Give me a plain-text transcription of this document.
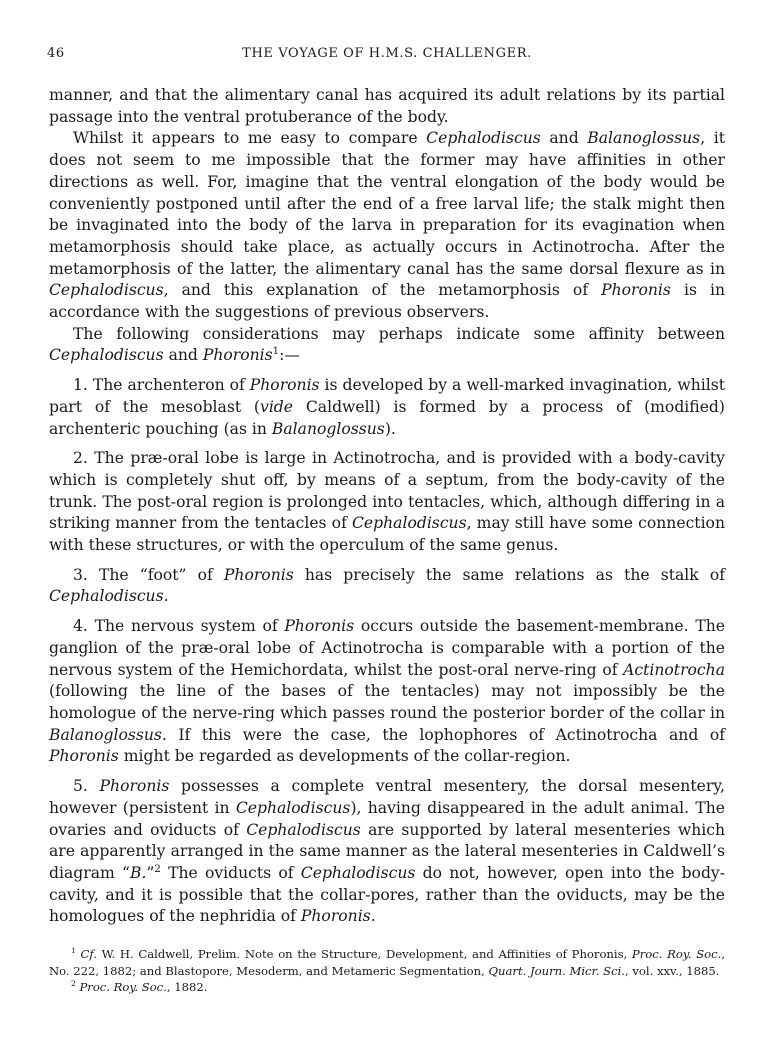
46	THE VOYAGE OF H.M.S. CHALLENGER.

manner, and that the alimentary canal has acquired its adult relations by its partial passage into the ventral protuberance of the body.

Whilst it appears to me easy to compare Cephalodiscus and Balanoglossus, it does not seem to me impossible that the former may have affinities in other directions as well. For, imagine that the ventral elongation of the body would be conveniently postponed until after the end of a free larval life; the stalk might then be invaginated into the body of the larva in preparation for its evagination when metamorphosis should take place, as actually occurs in Actinotrocha. After the metamorphosis of the latter, the alimentary canal has the same dorsal flexure as in Cephalodiscus, and this explanation of the metamorphosis of Phoronis is in accordance with the suggestions of previous observers.

The following considerations may perhaps indicate some affinity between Cephalodiscus and Phoronis$^1$:—

1. The archenteron of Phoronis is developed by a well-marked invagination, whilst part of the mesoblast (vide Caldwell) is formed by a process of (modified) archenteric pouching (as in Balanoglossus).

2. The præ-oral lobe is large in Actinotrocha, and is provided with a body-cavity which is completely shut off, by means of a septum, from the body-cavity of the trunk. The post-oral region is prolonged into tentacles, which, although differing in a striking manner from the tentacles of Cephalodiscus, may still have some connection with these structures, or with the operculum of the same genus.

3. The “foot” of Phoronis has precisely the same relations as the stalk of Cephalodiscus.

4. The nervous system of Phoronis occurs outside the basement-membrane. The ganglion of the præ-oral lobe of Actinotrocha is comparable with a portion of the nervous system of the Hemichordata, whilst the post-oral nerve-ring of Actinotrocha (following the line of the bases of the tentacles) may not impossibly be the homologue of the nerve-ring which passes round the posterior border of the collar in Balanoglossus. If this were the case, the lophophores of Actinotrocha and of Phoronis might be regarded as developments of the collar-region.

5. Phoronis possesses a complete ventral mesentery, the dorsal mesentery, however (persistent in Cephalodiscus), having disappeared in the adult animal. The ovaries and oviducts of Cephalodiscus are supported by lateral mesenteries which are apparently arranged in the same manner as the lateral mesenteries in Caldwell’s diagram “B.”$^2$ The oviducts of Cephalodiscus do not, however, open into the body-cavity, and it is possible that the collar-pores, rather than the oviducts, may be the homologues of the nephridia of Phoronis.

$^1$ Cf. W. H. Caldwell, Prelim. Note on the Structure, Development, and Affinities of Phoronis, Proc. Roy. Soc., No. 222, 1882; and Blastopore, Mesoderm, and Metameric Segmentation, Quart. Journ. Micr. Sci., vol. xxv., 1885.

$^2$ Proc. Roy. Soc., 1882.
